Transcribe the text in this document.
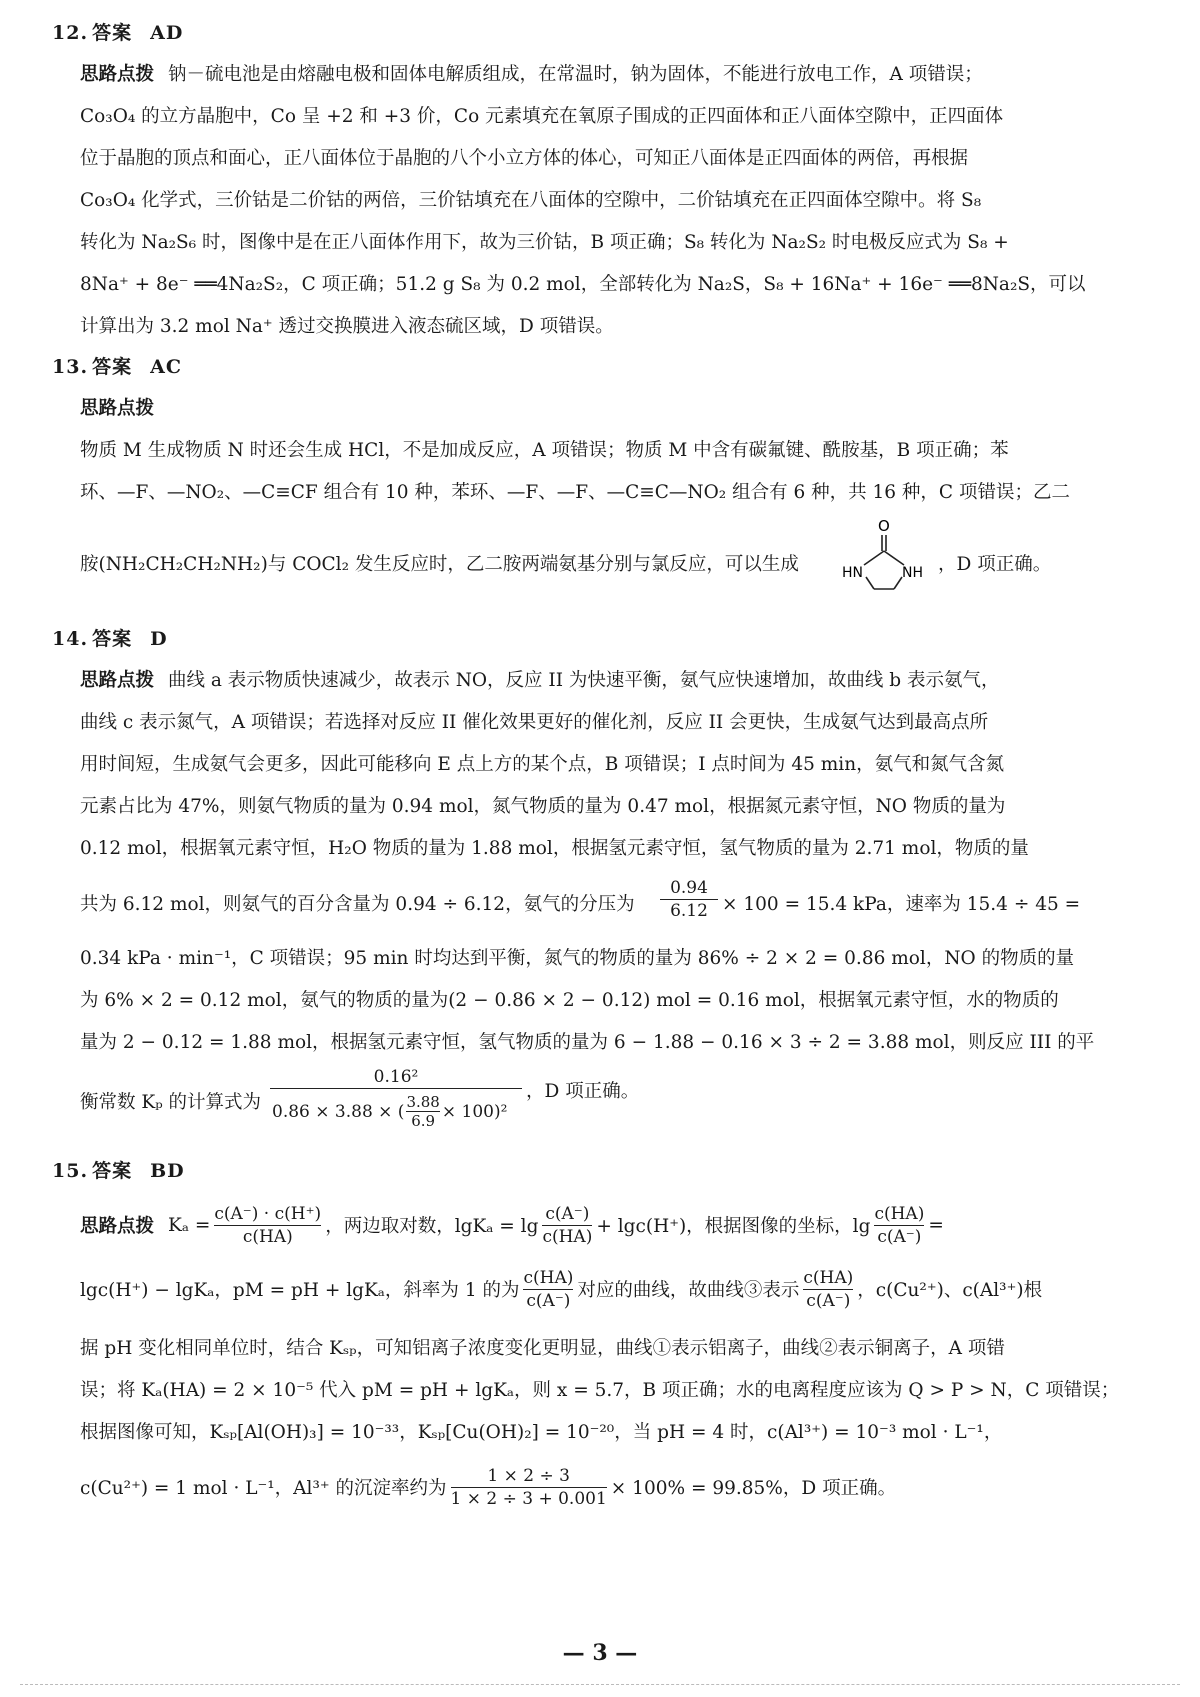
12. 答案 AD
思路点拨 钠－硫电池是由熔融电极和固体电解质组成，在常温时，钠为固体，不能进行放电工作，A 项错误；
Co₃O₄ 的立方晶胞中，Co 呈 +2 和 +3 价，Co 元素填充在氧原子围成的正四面体和正八面体空隙中，正四面体
位于晶胞的顶点和面心，正八面体位于晶胞的八个小立方体的体心，可知正八面体是正四面体的两倍，再根据
Co₃O₄ 化学式，三价钴是二价钴的两倍，三价钴填充在八面体的空隙中，二价钴填充在正四面体空隙中。将 S₈
转化为 Na₂S₆ 时，图像中是在正八面体作用下，故为三价钴，B 项正确；S₈ 转化为 Na₂S₂ 时电极反应式为 S₈ +
8Na⁺ + 8e⁻ ══4Na₂S₂，C 项正确；51.2 g S₈ 为 0.2 mol，全部转化为 Na₂S，S₈ + 16Na⁺ + 16e⁻ ══8Na₂S，可以
计算出为 3.2 mol Na⁺ 透过交换膜进入液态硫区域，D 项错误。
13. 答案 AC
思路点拨
物质 M 生成物质 N 时还会生成 HCl，不是加成反应，A 项错误；物质 M 中含有碳氟键、酰胺基，B 项正确；苯
环、—F、—NO₂、—C≡CF 组合有 10 种，苯环、—F、—F、—C≡C—NO₂ 组合有 6 种，共 16 种，C 项错误；乙二
胺(NH₂CH₂CH₂NH₂)与 COCl₂ 发生反应时，乙二胺两端氨基分别与氯反应，可以生成
O
HN	NH ，D 项正确。
14. 答案 D
思路点拨 曲线 a 表示物质快速减少，故表示 NO，反应 II 为快速平衡，氨气应快速增加，故曲线 b 表示氨气，
曲线 c 表示氮气，A 项错误；若选择对反应 II 催化效果更好的催化剂，反应 II 会更快，生成氨气达到最高点所
用时间短，生成氨气会更多，因此可能移向 E 点上方的某个点，B 项错误；I 点时间为 45 min，氨气和氮气含氮
元素占比为 47%，则氨气物质的量为 0.94 mol，氮气物质的量为 0.47 mol，根据氮元素守恒，NO 物质的量为
0.12 mol，根据氧元素守恒，H₂O 物质的量为 1.88 mol，根据氢元素守恒，氢气物质的量为 2.71 mol，物质的量
共为 6.12 mol，则氨气的百分含量为 0.94 ÷ 6.12，氨气的分压为
0.94
6.12 × 100 = 15.4 kPa，速率为 15.4 ÷ 45 =
0.34 kPa · min⁻¹，C 项错误；95 min 时均达到平衡，氮气的物质的量为 86% ÷ 2 × 2 = 0.86 mol，NO 的物质的量
为 6% × 2 = 0.12 mol，氨气的物质的量为(2 − 0.86 × 2 − 0.12) mol = 0.16 mol，根据氧元素守恒，水的物质的
量为 2 − 0.12 = 1.88 mol，根据氢元素守恒，氢气物质的量为 6 − 1.88 − 0.16 × 3 ÷ 2 = 3.88 mol，则反应 III 的平
衡常数 Kₚ 的计算式为
0.16²
0.86 × 3.88 × ( $\frac{3.88}{6.9} \times 100)^2$
，D 项正确。
15. 答案 BD
思路点拨 $K_a = \frac{c(A^-) \cdot c(H^+)}{c(HA)}$ ，两边取对数，lgKₐ = lg
c(A⁻)
c(HA) + lgc(H⁺)，根据图像的坐标，$\lg \frac{c(HA)}{c(A^-)}$ =
lgc(H⁺) − lgKₐ，pM = pH + lgKₐ，斜率为 1 的为
c(HA)
c(A⁻) 对应的曲线，故曲线③表示
c(HA)
c(A⁻) ，c(Cu²⁺)、c(Al³⁺)根
据 pH 变化相同单位时，结合 Kₛₚ，可知铝离子浓度变化更明显，曲线①表示铝离子，曲线②表示铜离子，A 项错
误；将 Kₐ(HA) = 2 × 10⁻⁵ 代入 pM = pH + lgKₐ，则 x = 5.7，B 项正确；水的电离程度应该为 Q > P > N，C 项错误；
根据图像可知，Kₛₚ[Al(OH)₃] = 10⁻³³，Kₛₚ[Cu(OH)₂] = 10⁻²⁰，当 pH = 4 时，c(Al³⁺) = 10⁻³ mol · L⁻¹，
c(Cu²⁺) = 1 mol · L⁻¹，Al³⁺ 的沉淀率约为 $\frac{1 \times 2 \div 3}{1 \times 2 \div 3 + 0.001} \times 100\% = 99.85\%$，D 项正确。
— 3 —
